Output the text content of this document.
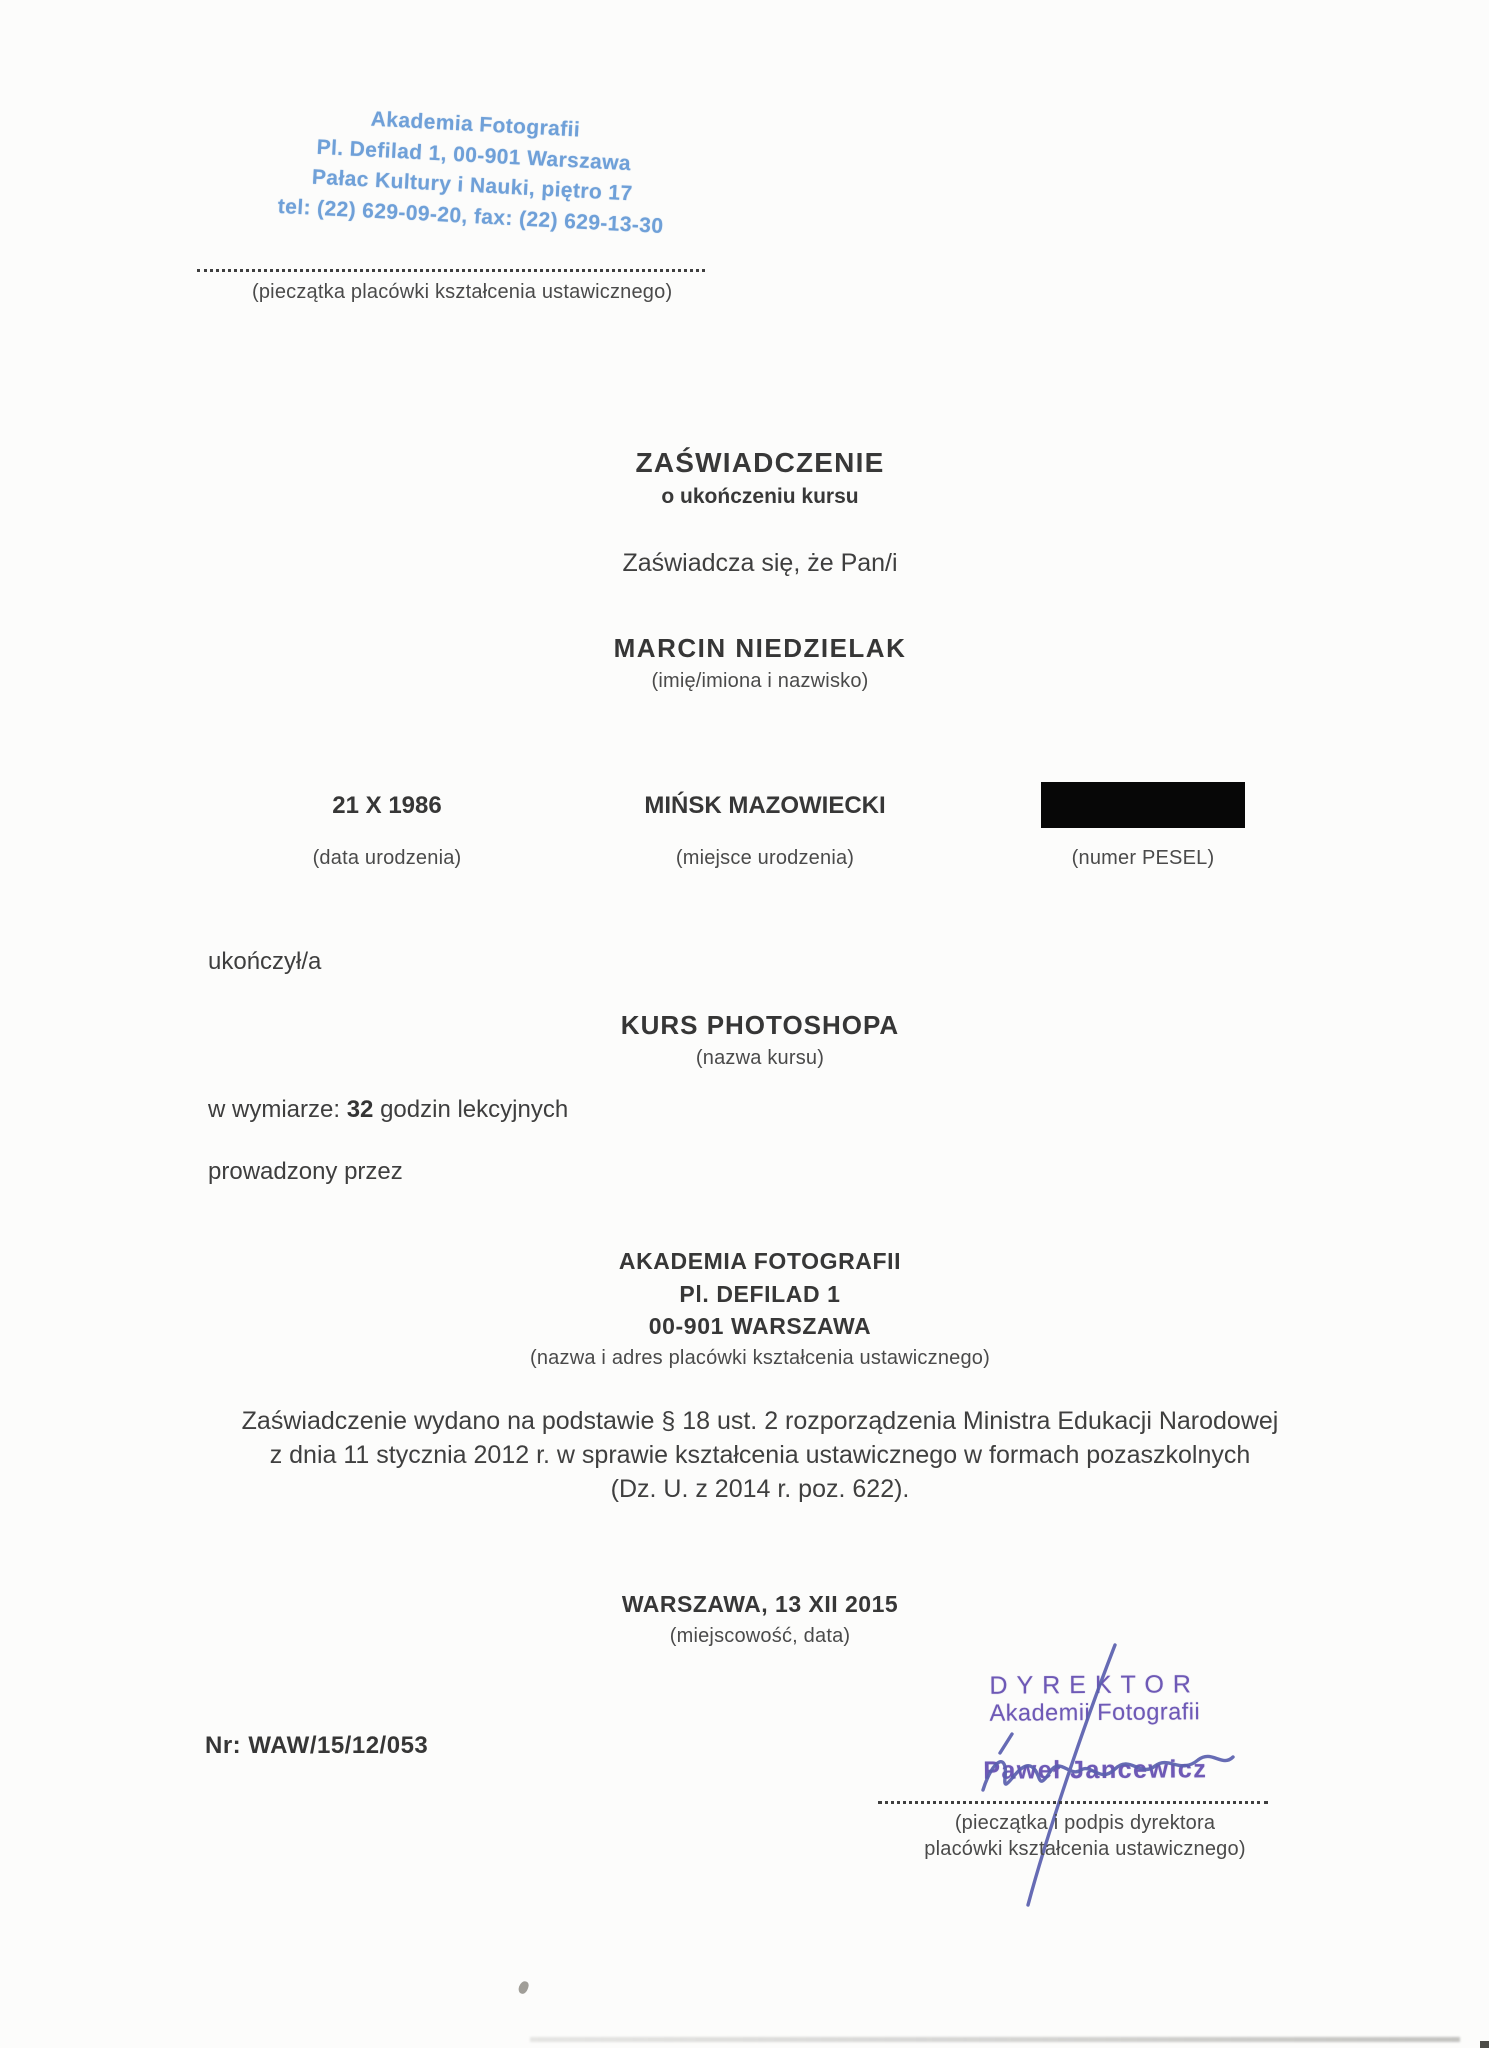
Akademia Fotografii
Pl. Defilad 1, 00-901 Warszawa
Pałac Kultury i Nauki, piętro 17
tel: (22) 629-09-20, fax: (22) 629-13-30
(pieczątka placówki kształcenia ustawicznego)
ZAŚWIADCZENIE
o ukończeniu kursu
Zaświadcza się, że Pan/i
MARCIN NIEDZIELAK
(imię/imiona i nazwisko)
21 X 1986	MIŃSK MAZOWIECKI
(data urodzenia)	(miejsce urodzenia)	(numer PESEL)
ukończył/a
KURS PHOTOSHOPA
(nazwa kursu)
w wymiarze: 32 godzin lekcyjnych
prowadzony przez
AKADEMIA FOTOGRAFII
Pl. DEFILAD 1
00-901 WARSZAWA
(nazwa i adres placówki kształcenia ustawicznego)
Zaświadczenie wydano na podstawie § 18 ust. 2 rozporządzenia Ministra Edukacji Narodowej
z dnia 11 stycznia 2012 r. w sprawie kształcenia ustawicznego w formach pozaszkolnych
(Dz. U. z 2014 r. poz. 622).
WARSZAWA, 13 XII 2015
(miejscowość, data)
Nr: WAW/15/12/053
DYREKTOR
Akademii Fotografii
Paweł Jancewicz
(pieczątka i podpis dyrektora
placówki kształcenia ustawicznego)
